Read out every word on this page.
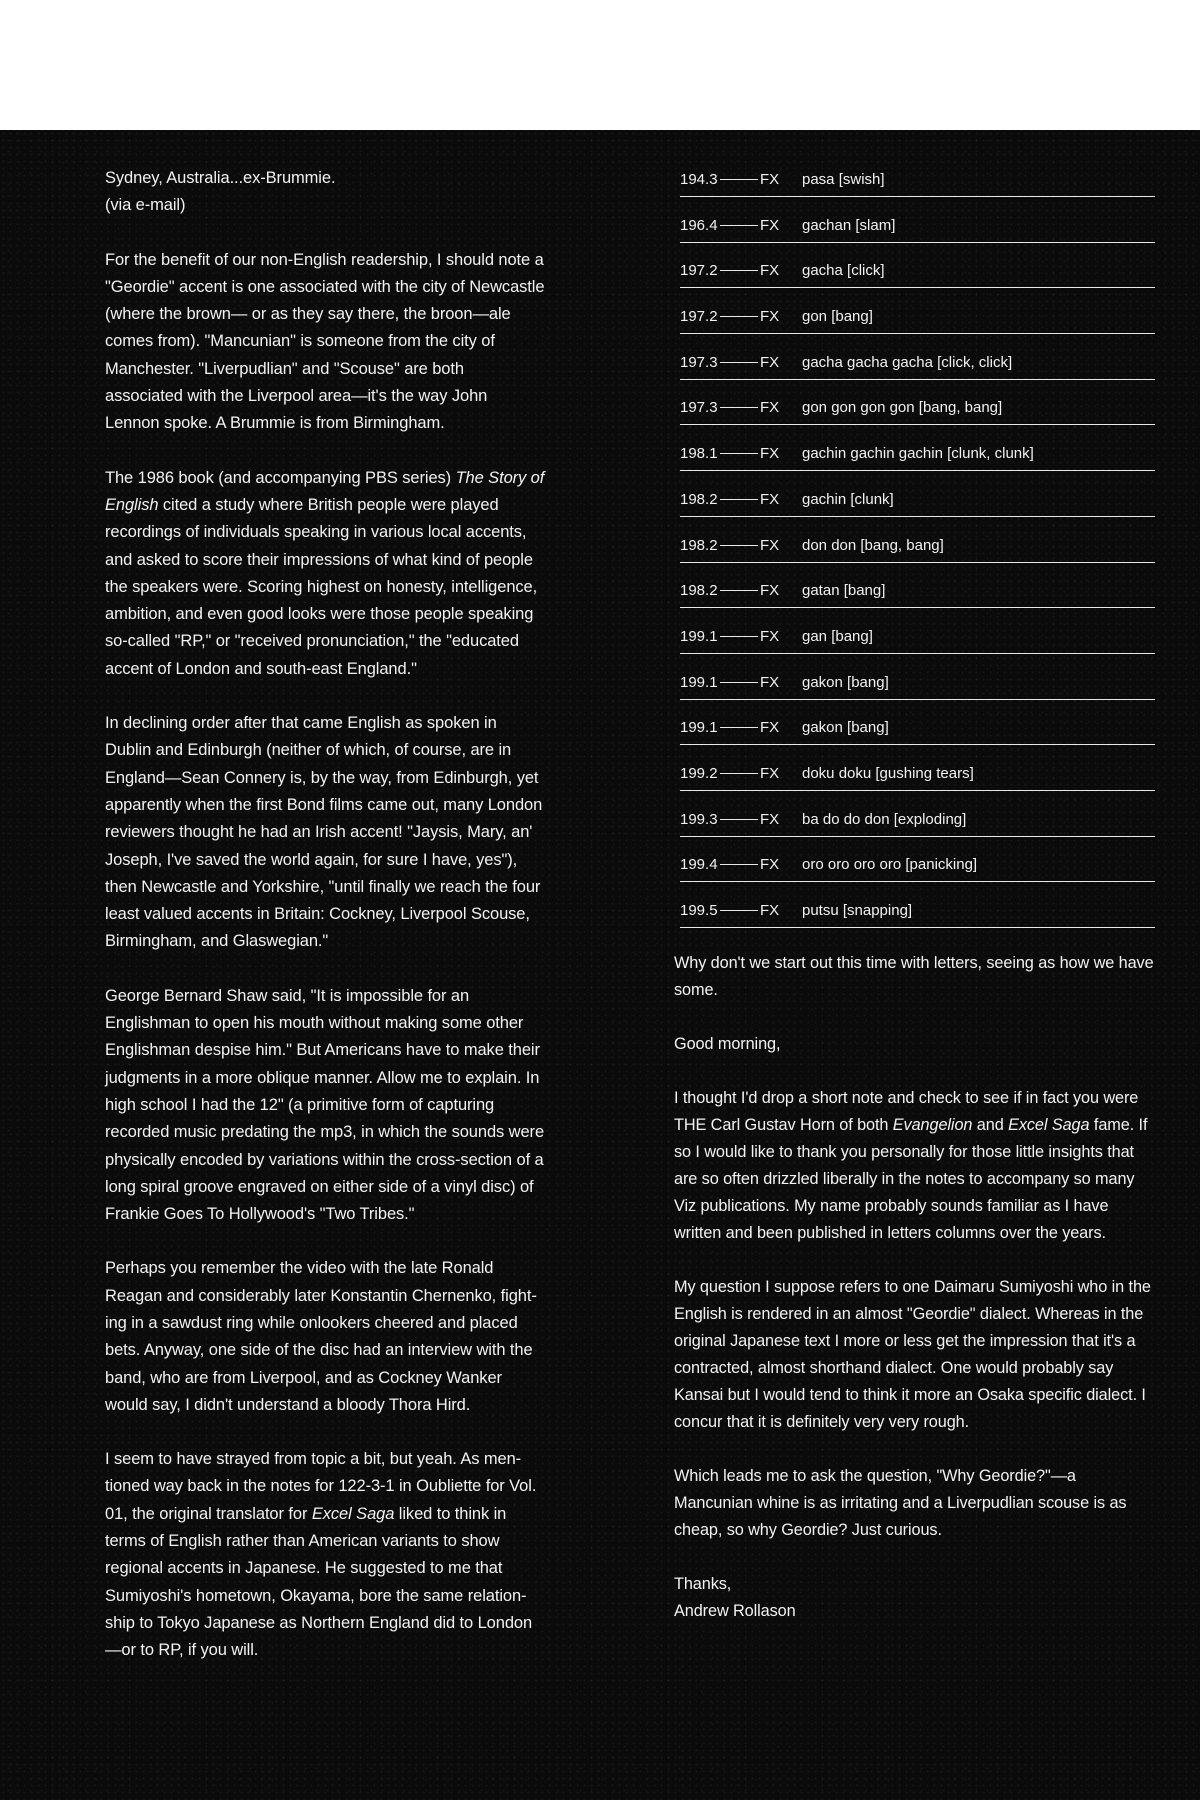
Sydney, Australia...ex-Brummie.
(via e-mail)

For the benefit of our non-English readership, I should note a "Geordie" accent is one associated with the city of Newcastle (where the brown— or as they say there, the broon—ale comes from). "Mancunian" is someone from the city of Manchester. "Liverpudlian" and "Scouse" are both associated with the Liverpool area—it's the way John Lennon spoke. A Brummie is from Birmingham.

The 1986 book (and accompanying PBS series) The Story of English cited a study where British people were played recordings of individuals speaking in various local accents, and asked to score their impressions of what kind of people the speakers were. Scoring highest on honesty, intelligence, ambition, and even good looks were those people speaking so-called "RP," or "received pronunciation," the "educated accent of London and south-east England."

In declining order after that came English as spoken in Dublin and Edinburgh (neither of which, of course, are in England—Sean Connery is, by the way, from Edinburgh, yet apparently when the first Bond films came out, many London reviewers thought he had an Irish accent! "Jaysis, Mary, an' Joseph, I've saved the world again, for sure I have, yes"), then Newcastle and Yorkshire, "until finally we reach the four least valued accents in Britain: Cockney, Liverpool Scouse, Birmingham, and Glaswegian."

George Bernard Shaw said, "It is impossible for an Englishman to open his mouth without making some other Englishman despise him." But Americans have to make their judgments in a more oblique manner. Allow me to explain. In high school I had the 12" (a primitive form of capturing recorded music predating the mp3, in which the sounds were physically encoded by variations within the cross-section of a long spiral groove engraved on either side of a vinyl disc) of Frankie Goes To Hollywood's "Two Tribes."

Perhaps you remember the video with the late Ronald Reagan and considerably later Konstantin Chernenko, fight-ing in a sawdust ring while onlookers cheered and placed bets. Anyway, one side of the disc had an interview with the band, who are from Liverpool, and as Cockney Wanker would say, I didn't understand a bloody Thora Hird.

I seem to have strayed from topic a bit, but yeah. As men-tioned way back in the notes for 122-3-1 in Oubliette for Vol. 01, the original translator for Excel Saga liked to think in terms of English rather than American variants to show regional accents in Japanese. He suggested to me that Sumiyoshi's hometown, Okayama, bore the same relation-ship to Tokyo Japanese as Northern England did to London—or to RP, if you will.

194.3	FX pasa [swish]
196.4	FX gachan [slam]
197.2	FX gacha [click]
197.2	FX gon [bang]
197.3	FX gacha gacha gacha [click, click]
197.3	FX gon gon gon gon [bang, bang]
198.1	FX gachin gachin gachin [clunk, clunk]
198.2	FX gachin [clunk]
198.2	FX don don [bang, bang]
198.2	FX gatan [bang]
199.1	FX gan [bang]
199.1	FX gakon [bang]
199.1	FX gakon [bang]
199.2	FX doku doku [gushing tears]
199.3	FX ba do do don [exploding]
199.4	FX oro oro oro oro [panicking]
199.5	FX putsu [snapping]

Why don't we start out this time with letters, seeing as how we have some.

Good morning,

I thought I'd drop a short note and check to see if in fact you were THE Carl Gustav Horn of both Evangelion and Excel Saga fame. If so I would like to thank you personally for those little insights that are so often drizzled liberally in the notes to accompany so many Viz publications. My name probably sounds familiar as I have written and been published in letters columns over the years.

My question I suppose refers to one Daimaru Sumiyoshi who in the English is rendered in an almost "Geordie" dialect. Whereas in the original Japanese text I more or less get the impression that it's a contracted, almost shorthand dialect. One would probably say Kansai but I would tend to think it more an Osaka specific dialect. I concur that it is definitely very very rough.

Which leads me to ask the question, "Why Geordie?"—a Mancunian whine is as irritating and a Liverpudlian scouse is as cheap, so why Geordie? Just curious.

Thanks,
Andrew Rollason
